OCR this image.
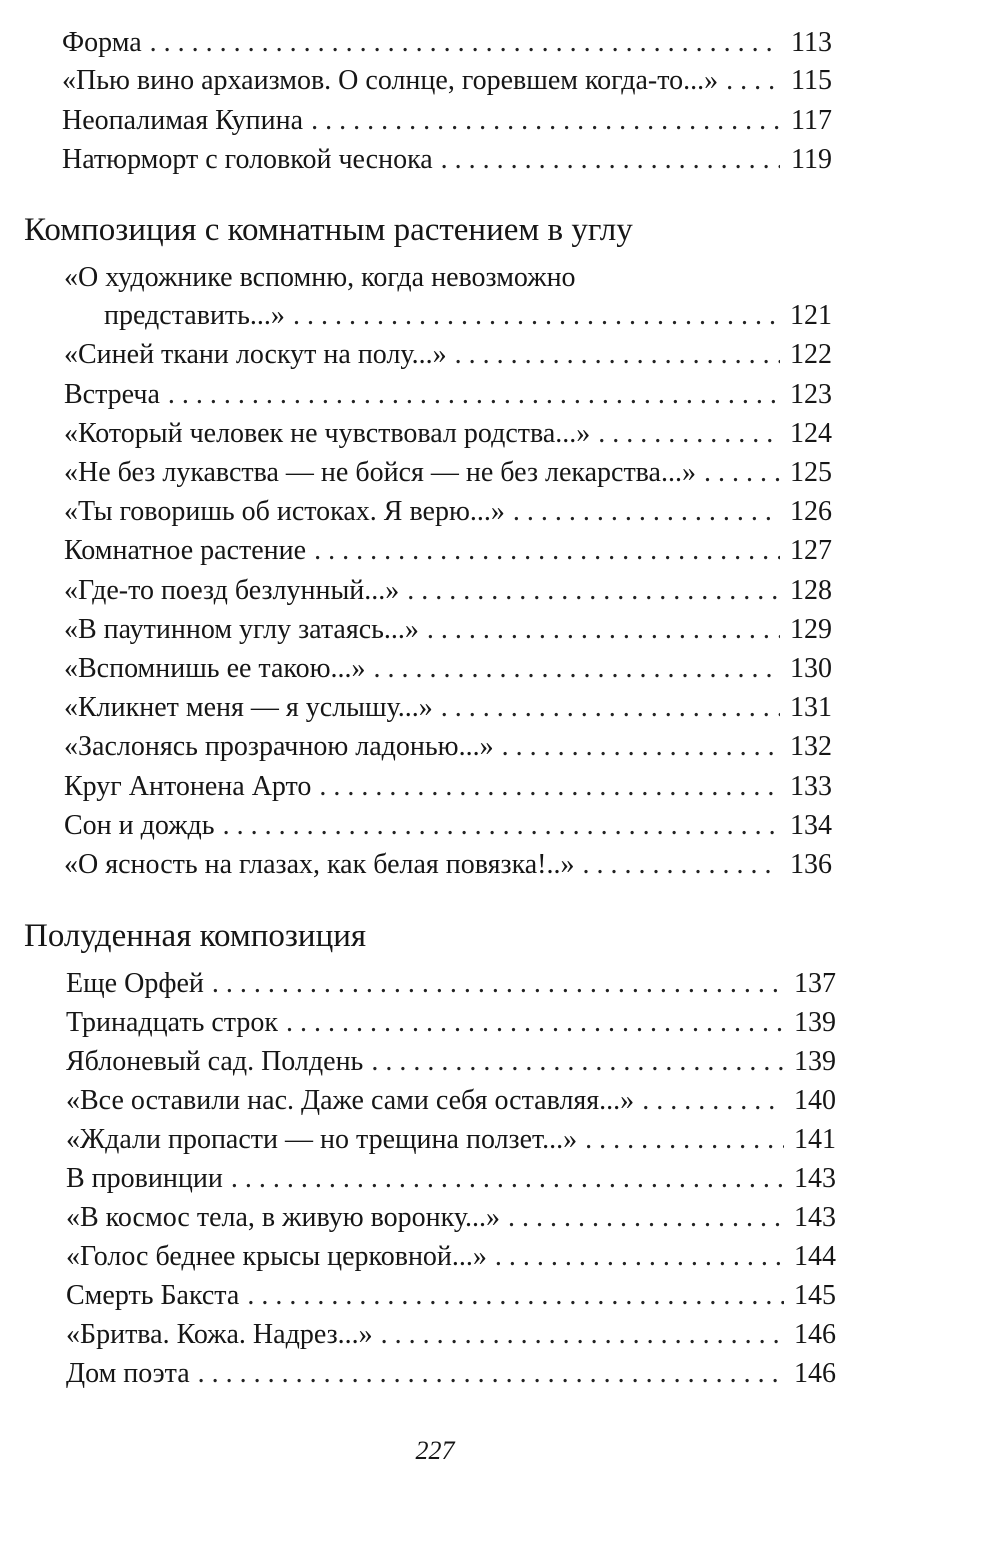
Форма . . .	113
«Пью вино архаизмов. О солнце, горевшем когда-то...» . . .	115
Неопалимая Купина . . .	117
Натюрморт с головкой чеснока . . .	119
Композиция с комнатным растением в углу
«О художнике вспомню, когда невозможно
представить...» . . .	121
«Синей ткани лоскут на полу...» . . .	122
Встреча . . .	123
«Который человек не чувствовал родства...» . . .	124
«Не без лукавства — не бойся — не без лекарства...» . . .	125
«Ты говоришь об истоках. Я верю...» . . .	126
Комнатное растение . . .	127
«Где-то поезд безлунный...» . . .	128
«В паутинном углу затаясь...» . . .	129
«Вспомнишь ее такою...» . . .	130
«Кликнет меня — я услышу...» . . .	131
«Заслонясь прозрачною ладонью...» . . .	132
Круг Антонена Арто . . .	133
Сон и дождь . . .	134
«О ясность на глазах, как белая повязка!..» . . .	136
Полуденная композиция
Еще Орфей . . .	137
Тринадцать строк . . .	139
Яблоневый сад. Полдень . . .	139
«Все оставили нас. Даже сами себя оставляя...» . . .	140
«Ждали пропасти — но трещина ползет...» . . .	141
В провинции . . .	143
«В космос тела, в живую воронку...» . . .	143
«Голос беднее крысы церковной...» . . .	144
Смерть Бакста . . .	145
«Бритва. Кожа. Надрез...» . . .	146
Дом поэта . . .	146
227
